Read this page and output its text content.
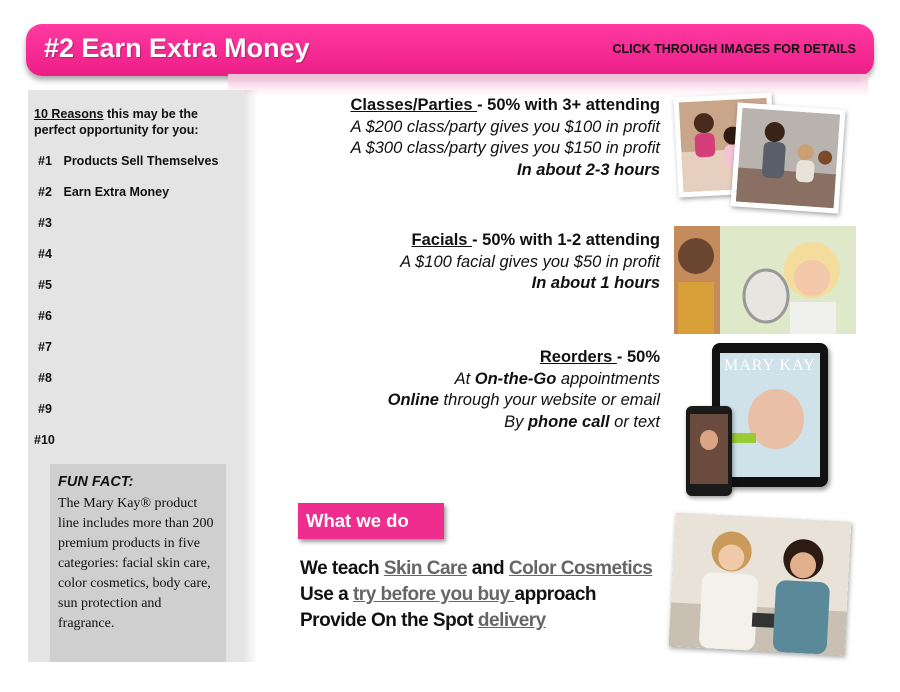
#2 Earn Extra Money	CLICK THROUGH IMAGES FOR DETAILS
10 Reasons this may be the perfect opportunity for you:
#1 Products Sell Themselves
#2 Earn Extra Money
#3
#4
#5
#6
#7
#8
#9
#10
FUN FACT:
The Mary Kay® product line includes more than 200 premium products in five categories: facial skin care, color cosmetics, body care, sun protection and fragrance.
Classes/Parties - 50% with 3+ attending
A $200 class/party gives you $100 in profit
A $300 class/party gives you $150 in profit
In about 2-3 hours
Facials - 50% with 1-2 attending
A $100 facial gives you $50 in profit
In about 1 hours
Reorders - 50%
At On-the-Go appointments
Online through your website or email
By phone call or text
MARY KAY
What we do
We teach Skin Care and Color Cosmetics
Use a try before you buy approach
Provide On the Spot delivery
